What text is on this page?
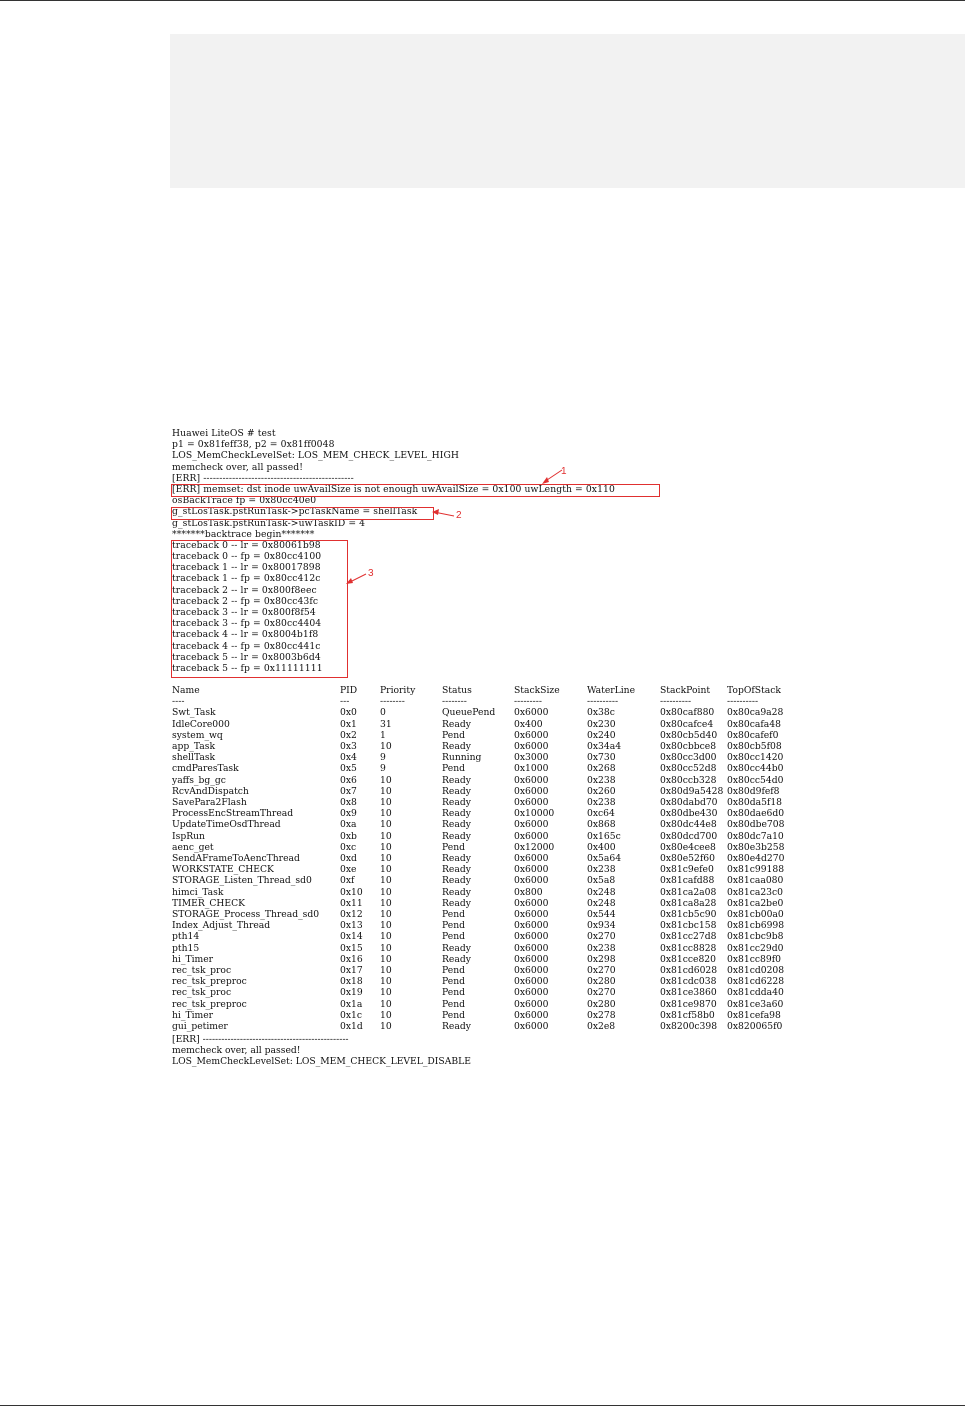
Huawei LiteOS # test
p1 = 0x81feff38, p2 = 0x81ff0048
LOS_MemCheckLevelSet: LOS_MEM_CHECK_LEVEL_HIGH
memcheck over, all passed!
[ERR] -----------------------------------------------
[ERR] memset: dst inode uwAvailSize is not enough uwAvailSize = 0x100 uwLength = 0x110
osBackTrace fp = 0x80cc40e0
g_stLosTask.pstRunTask->pcTaskName = shellTask
g_stLosTask.pstRunTask->uwTaskID = 4
*******backtrace begin*******
traceback 0 -- lr = 0x80061b98
traceback 0 -- fp = 0x80cc4100
traceback 1 -- lr = 0x80017898
traceback 1 -- fp = 0x80cc412c
traceback 2 -- lr = 0x800f8eec
traceback 2 -- fp = 0x80cc43fc
traceback 3 -- lr = 0x800f8f54
traceback 3 -- fp = 0x80cc4404
traceback 4 -- lr = 0x8004b1f8
traceback 4 -- fp = 0x80cc441c
traceback 5 -- lr = 0x8003b6d4
traceback 5 -- fp = 0x11111111
1
2
3
Name	PID	Priority	Status	StackSize	WaterLine	StackPoint	TopOfStack
----	---	--------	--------	---------	----------	----------	----------
Swt_Task	0x0	0	QueuePend	0x6000	0x38c	0x80caf880	0x80ca9a28
IdleCore000	0x1	31	Ready	0x400	0x230	0x80cafce4	0x80cafa48
system_wq	0x2	1	Pend	0x6000	0x240	0x80cb5d40	0x80cafef0
app_Task	0x3	10	Ready	0x6000	0x34a4	0x80cbbce8	0x80cb5f08
shellTask	0x4	9	Running	0x3000	0x730	0x80cc3d00	0x80cc1420
cmdParesTask	0x5	9	Pend	0x1000	0x268	0x80cc52d8	0x80cc44b0
yaffs_bg_gc	0x6	10	Ready	0x6000	0x238	0x80ccb328	0x80cc54d0
RcvAndDispatch	0x7	10	Ready	0x6000	0x260	0x80d9a5428	0x80d9fef8
SavePara2Flash	0x8	10	Ready	0x6000	0x238	0x80dabd70	0x80da5f18
ProcessEncStreamThread	0x9	10	Ready	0x10000	0xc64	0x80dbe430	0x80dae6d0
UpdateTimeOsdThread	0xa	10	Ready	0x6000	0x868	0x80dc44e8	0x80dbe708
IspRun	0xb	10	Ready	0x6000	0x165c	0x80dcd700	0x80dc7a10
aenc_get	0xc	10	Pend	0x12000	0x400	0x80e4cee8	0x80e3b258
SendAFrameToAencThread	0xd	10	Ready	0x6000	0x5a64	0x80e52f60	0x80e4d270
WORKSTATE_CHECK	0xe	10	Ready	0x6000	0x238	0x81c9efe0	0x81c99188
STORAGE_Listen_Thread_sd0	0xf	10	Ready	0x6000	0x5a8	0x81cafd88	0x81caa080
himci_Task	0x10	10	Ready	0x800	0x248	0x81ca2a08	0x81ca23c0
TIMER_CHECK	0x11	10	Ready	0x6000	0x248	0x81ca8a28	0x81ca2be0
STORAGE_Process_Thread_sd0	0x12	10	Pend	0x6000	0x544	0x81cb5c90	0x81cb00a0
Index_Adjust_Thread	0x13	10	Pend	0x6000	0x934	0x81cbc158	0x81cb6998
pth14	0x14	10	Pend	0x6000	0x270	0x81cc27d8	0x81cbc9b8
pth15	0x15	10	Ready	0x6000	0x238	0x81cc8828	0x81cc29d0
hi_Timer	0x16	10	Ready	0x6000	0x298	0x81cce820	0x81cc89f0
rec_tsk_proc	0x17	10	Pend	0x6000	0x270	0x81cd6028	0x81cd0208
rec_tsk_preproc	0x18	10	Pend	0x6000	0x280	0x81cdc038	0x81cd6228
rec_tsk_proc	0x19	10	Pend	0x6000	0x270	0x81ce3860	0x81cdda40
rec_tsk_preproc	0x1a	10	Pend	0x6000	0x280	0x81ce9870	0x81ce3a60
hi_Timer	0x1c	10	Pend	0x6000	0x278	0x81cf58b0	0x81cefa98
gui_petimer	0x1d	10	Ready	0x6000	0x2e8	0x8200c398	0x820065f0
[ERR] -----------------------------------------------
memcheck over, all passed!
LOS_MemCheckLevelSet: LOS_MEM_CHECK_LEVEL_DISABLE
